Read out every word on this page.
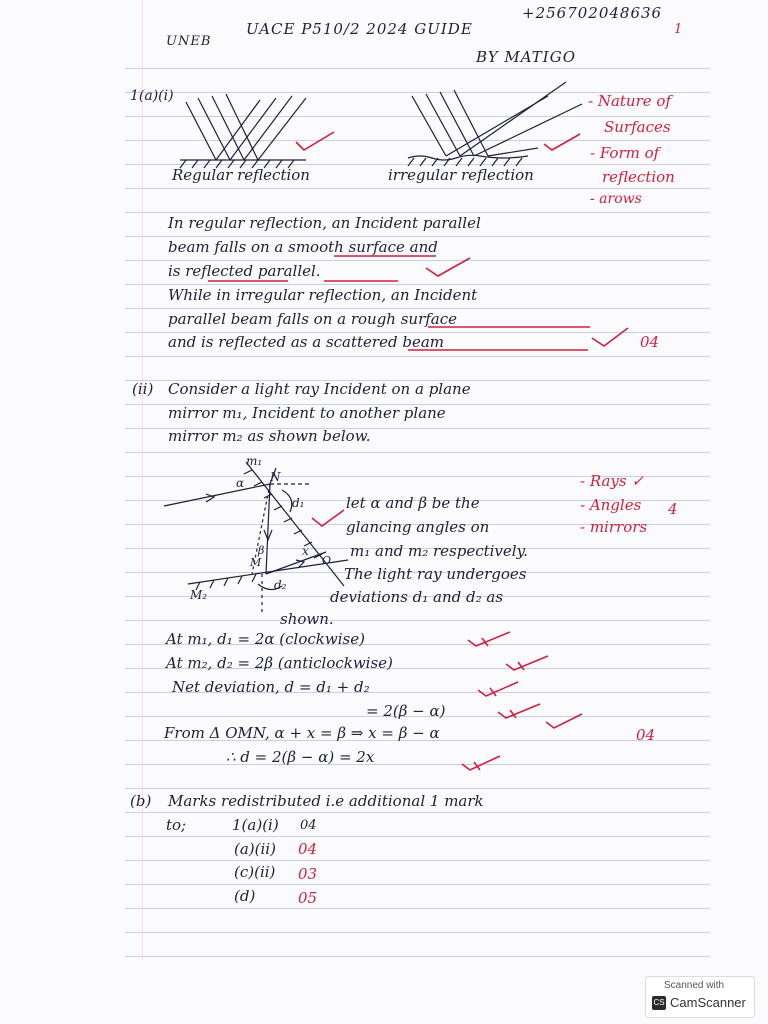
+256702048636
UNEB
UACE P510/2 2024 GUIDE
BY MATIGO
1
1(a)(i)
Regular reflection	irregular reflection
- Nature of
Surfaces
- Form of
reflection
- arows
In regular reflection, an Incident parallel
beam falls on a smooth surface and
is reflected parallel.
While in irregular reflection, an Incident
parallel beam falls on a rough surface
and is reflected as a scattered beam	04
(ii) Consider a light ray Incident on a plane
mirror m₁, Incident to another plane
mirror m₂ as shown below.
m₁
N
α
d₁
M
β	x
O
d₂
M₂
let α and β be the
glancing angles on
m₁ and m₂ respectively.
The light ray undergoes
deviations d₁ and d₂ as
shown.
- Rays ✓
- Angles
- mirrors
4
At m₁, d₁ = 2α (clockwise)
At m₂, d₂ = 2β (anticlockwise)
Net deviation, d = d₁ + d₂
= 2(β − α)
From Δ OMN, α + x = β ⇒ x = β − α
∴ d = 2(β − α) = 2x
04
(b) Marks redistributed i.e additional 1 mark
to;	1(a)(i) 04
(a)(ii) 04
(c)(ii) 03
(d)	05
Scanned with
CS CamScanner
